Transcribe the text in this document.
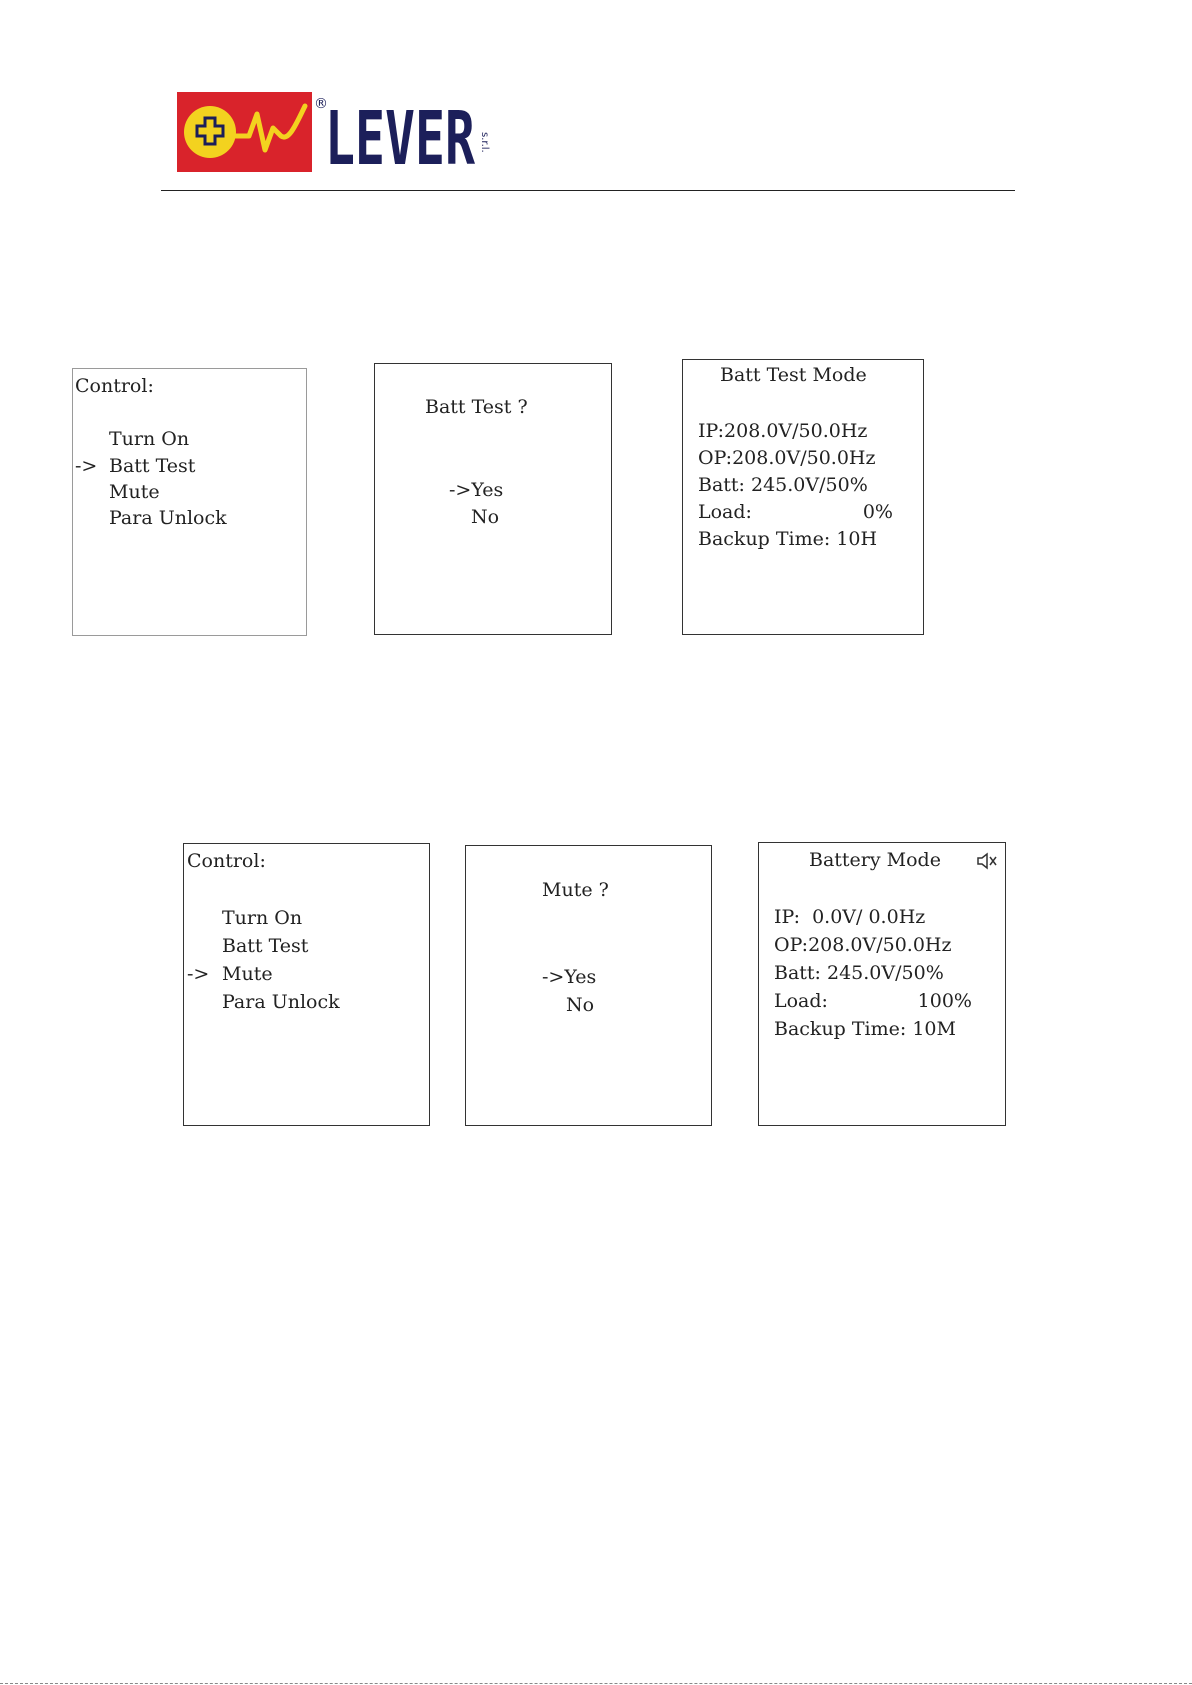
®
LEVER s.r.l.

Control:

Turn On

->

Batt Test

Mute

Para Unlock

Batt Test ?

->Yes

No

Batt Test Mode

IP:208.0V/50.0Hz

OP:208.0V/50.0Hz

Batt: 245.0V/50%

Load:

	0%

Backup Time: 10H

Control:

Turn On

Batt Test

->

Mute

Para Unlock

Mute ?

->Yes

No

Battery Mode

IP:  0.0V/ 0.0Hz

OP:208.0V/50.0Hz

Batt: 245.0V/50%

Load:

	100%

Backup Time: 10M
